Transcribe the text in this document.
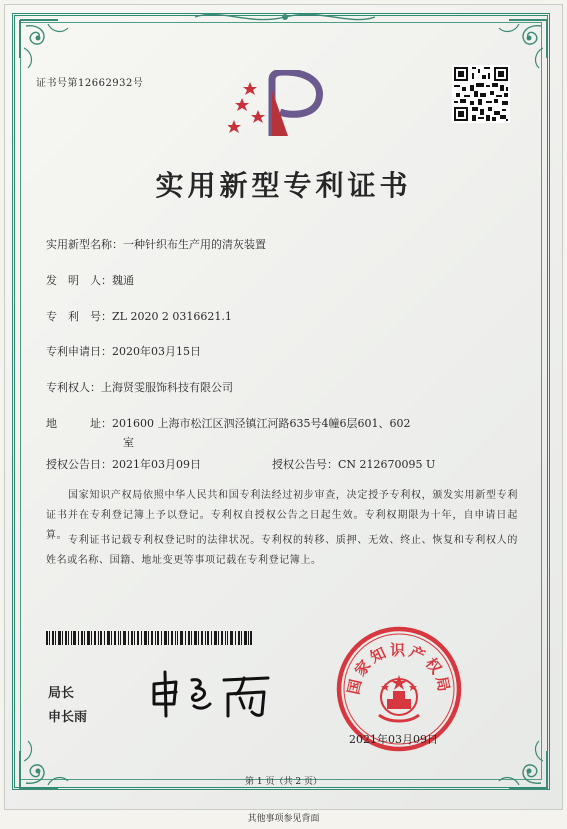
证书号第12662932号
实用新型专利证书
实用新型名称：一种针织布生产用的清灰装置
发　明　人：魏通
专　利　号：ZL 2020 2 0316621.1
专利申请日：2020年03月15日
专利权人：上海贤雯服饰科技有限公司
地　　　址：201600 上海市松江区泗泾镇江河路635号4幢6层601、602
室
授权公告日：2021年03月09日	授权公告号：CN 212670095 U
国家知识产权局依照中华人民共和国专利法经过初步审查，决定授予专利权，颁发实用新型专利证书并在专利登记簿上予以登记。专利权自授权公告之日起生效。专利权期限为十年，自申请日起算。 专利证书记载专利权登记时的法律状况。专利权的转移、质押、无效、终止、恢复和专利权人的姓名或名称、国籍、地址变更等事项记载在专利登记簿上。
局长
申长雨
国家知识产权局
2021年03月09日
第 1 页（共 2 页）
其他事项参见背面
